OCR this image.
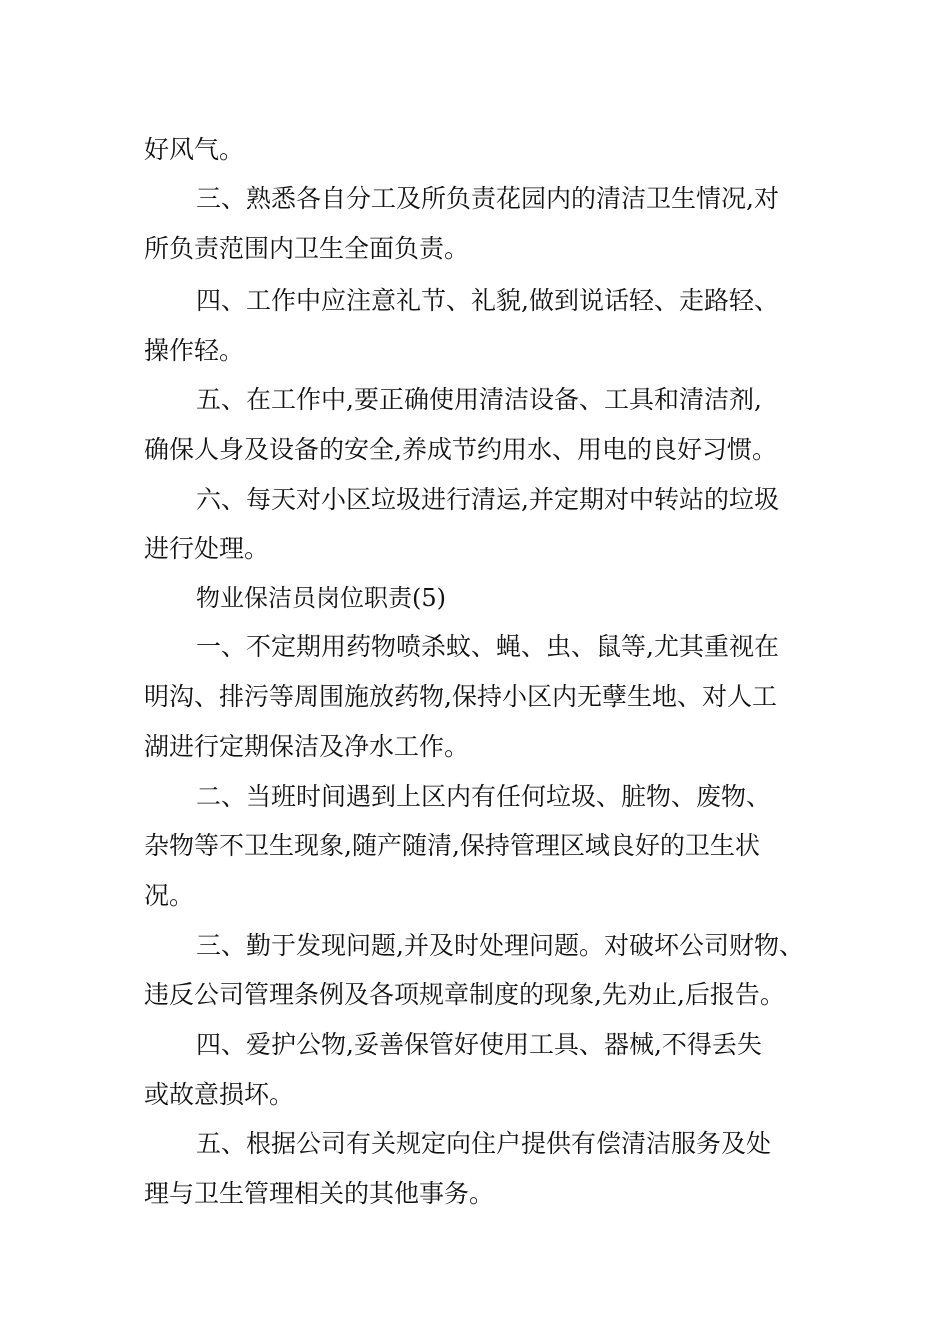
好风气。
三、熟悉各自分工及所负责花园内的清洁卫生情况,对
所负责范围内卫生全面负责。
四、工作中应注意礼节、礼貌,做到说话轻、走路轻、
操作轻。
五、在工作中,要正确使用清洁设备、工具和清洁剂,
确保人身及设备的安全,养成节约用水、用电的良好习惯。
六、每天对小区垃圾进行清运,并定期对中转站的垃圾
进行处理。
物业保洁员岗位职责(5)
一、不定期用药物喷杀蚊、蝇、虫、鼠等,尤其重视在
明沟、排污等周围施放药物,保持小区内无孽生地、对人工
湖进行定期保洁及净水工作。
二、当班时间遇到上区内有任何垃圾、脏物、废物、
杂物等不卫生现象,随产随清,保持管理区域良好的卫生状
况。
三、勤于发现问题,并及时处理问题。对破坏公司财物、
违反公司管理条例及各项规章制度的现象,先劝止,后报告。
四、爱护公物,妥善保管好使用工具、器械,不得丢失
或故意损坏。
五、根据公司有关规定向住户提供有偿清洁服务及处
理与卫生管理相关的其他事务。
